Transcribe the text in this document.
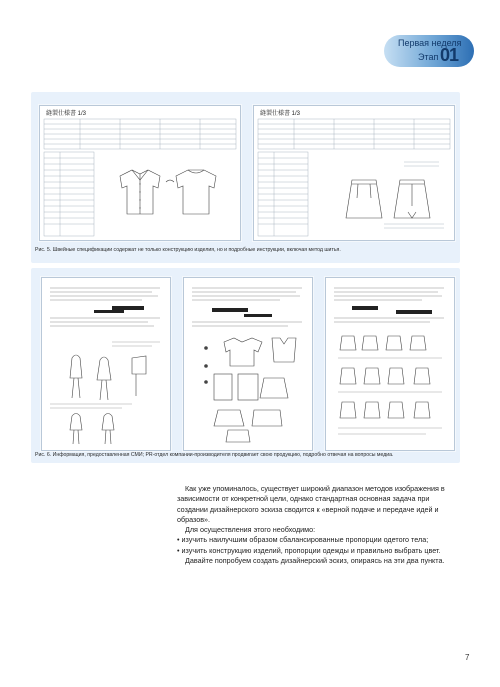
Первая неделя
Этап 01
縫製仕様書 1/3	縫製仕様書 1/3
Рис. 5. Швейные спецификации содержат не только конструкцию изделия, но и подробные инструкции, включая метод шитья.
Рис. 6. Информация, предоставленная СМИ; PR-отдел компании-производителя продвигает свою продукцию, подробно отвечая на вопросы медиа.

Как уже упоминалось, существует широкий диапазон методов изображения в зависимости от конкретной цели, однако стандартная основная задача при создании дизайнерского эскиза сводится к «верной подаче и передаче идей и образов».

Для осуществления этого необходимо:

• изучить наилучшим образом сбалансированные пропорции одетого тела;

• изучить конструкцию изделий, пропорции одежды и правильно выбрать цвет.

Давайте попробуем создать дизайнерский эскиз, опираясь на эти два пункта.

7
